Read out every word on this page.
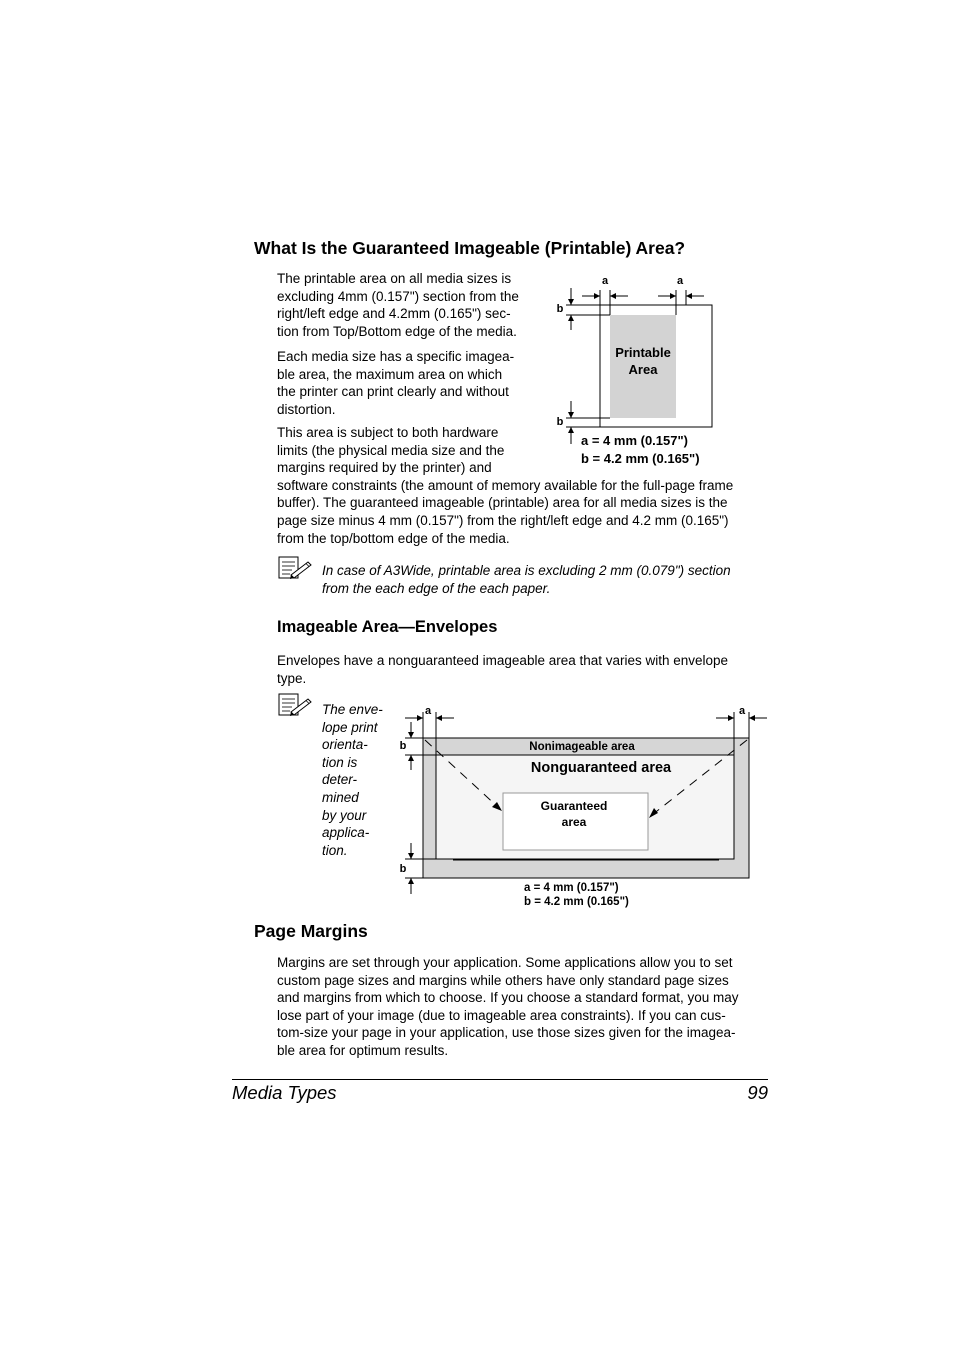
What Is the Guaranteed Imageable (Printable) Area?
The printable area on all media sizes is
excluding 4mm (0.157") section from the
right/left edge and 4.2mm (0.165") sec-
tion from Top/Bottom edge of the media.
Each media size has a specific imagea-
ble area, the maximum area on which
the printer can print clearly and without
distortion.
This area is subject to both hardware
limits (the physical media size and the
margins required by the printer) and
software constraints (the amount of memory available for the full-page frame
buffer). The guaranteed imageable (printable) area for all media sizes is the
page size minus 4 mm (0.157") from the right/left edge and 4.2 mm (0.165")
from the top/bottom edge of the media.
In case of A3Wide, printable area is excluding 2 mm (0.079") section
from the each edge of the each paper.
Printable
Area
a	a
b
b
a = 4 mm (0.157")
b = 4.2 mm (0.165")
Imageable Area—Envelopes
Envelopes have a nonguaranteed imageable area that varies with envelope
type.
The enve-
lope print
orienta-
tion is
deter-
mined
by your
applica-
tion.
Guaranteed
area
Nonimageable area
Nonguaranteed area
a	a
b
b
a = 4 mm (0.157")
b = 4.2 mm (0.165")
Page Margins
Margins are set through your application. Some applications allow you to set
custom page sizes and margins while others have only standard page sizes
and margins from which to choose. If you choose a standard format, you may
lose part of your image (due to imageable area constraints). If you can cus-
tom-size your page in your application, use those sizes given for the imagea-
ble area for optimum results.
Media Types	99
